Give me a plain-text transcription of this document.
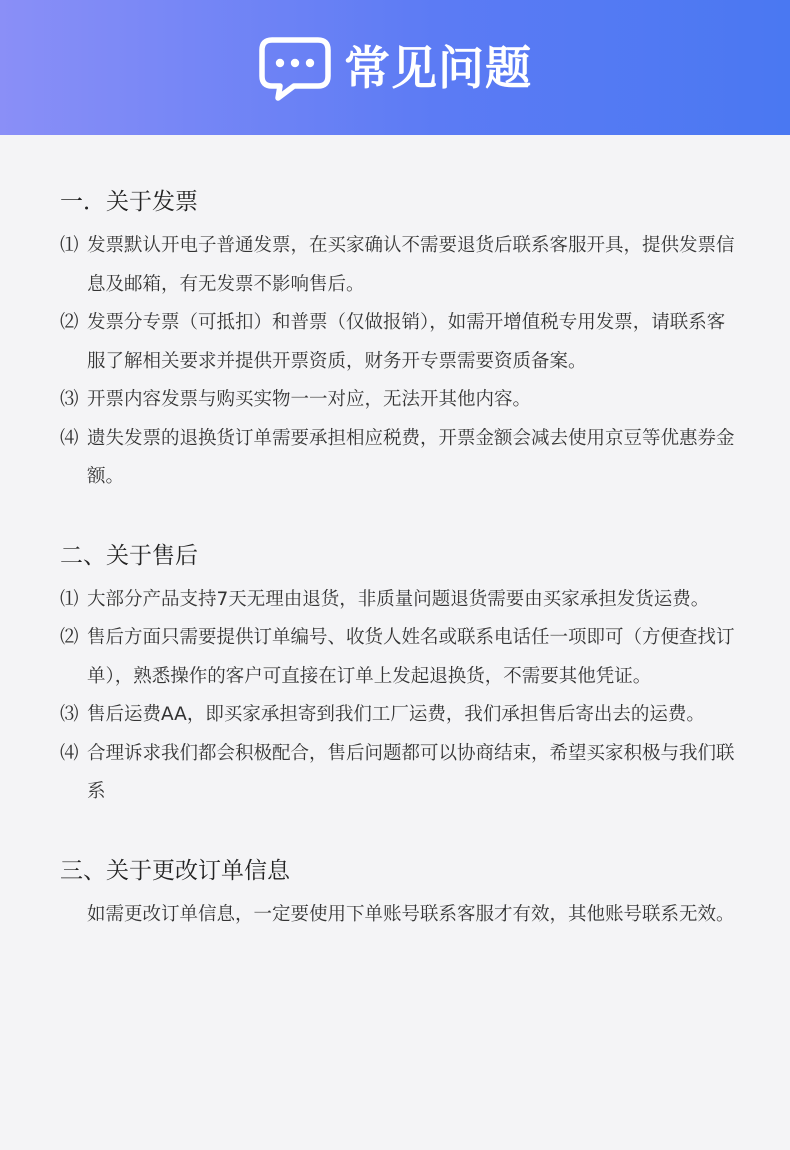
常见问题
一．关于发票
⑴ 发票默认开电子普通发票，在买家确认不需要退货后联系客服开具，提供发票信息及邮箱，有无发票不影响售后。
⑵ 发票分专票（可抵扣）和普票（仅做报销），如需开增值税专用发票，请联系客服了解相关要求并提供开票资质，财务开专票需要资质备案。
⑶ 开票内容发票与购买实物一一对应，无法开其他内容。
⑷ 遗失发票的退换货订单需要承担相应税费，开票金额会减去使用京豆等优惠券金额。
二、关于售后
⑴ 大部分产品支持7天无理由退货，非质量问题退货需要由买家承担发货运费。
⑵ 售后方面只需要提供订单编号、收货人姓名或联系电话任一项即可（方便查找订单），熟悉操作的客户可直接在订单上发起退换货，不需要其他凭证。
⑶ 售后运费AA，即买家承担寄到我们工厂运费，我们承担售后寄出去的运费。
⑷ 合理诉求我们都会积极配合，售后问题都可以协商结束，希望买家积极与我们联系
三、关于更改订单信息
如需更改订单信息，一定要使用下单账号联系客服才有效，其他账号联系无效。
